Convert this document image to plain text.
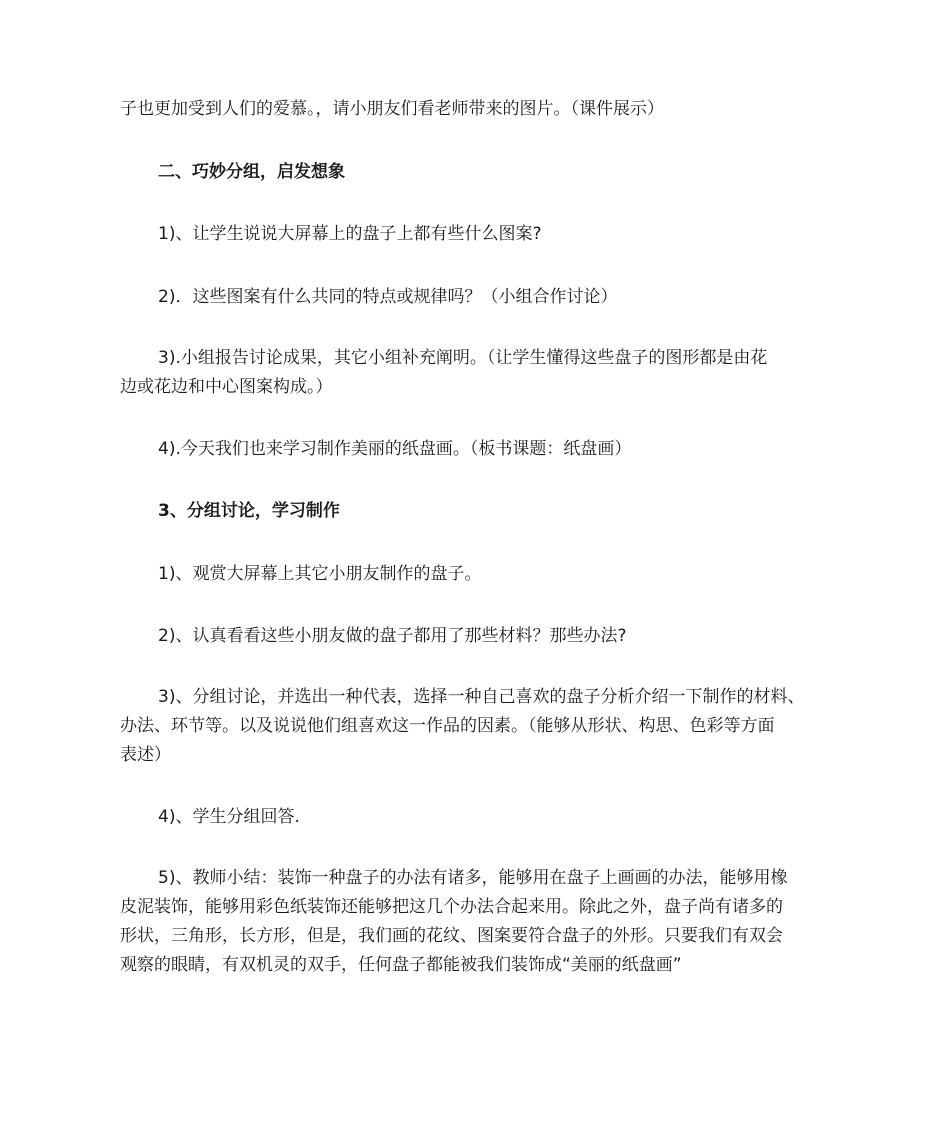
子也更加受到人们的爱慕。，请小朋友们看老师带来的图片。（课件展示）
二、巧妙分组，启发想象
1)、让学生说说大屏幕上的盘子上都有些什么图案?
2)．这些图案有什么共同的特点或规律吗？（小组合作讨论）
3).小组报告讨论成果，其它小组补充阐明。（让学生懂得这些盘子的图形都是由花
边或花边和中心图案构成。）
4).今天我们也来学习制作美丽的纸盘画。（板书课题：纸盘画）
3、分组讨论，学习制作
1)、观赏大屏幕上其它小朋友制作的盘子。
2)、认真看看这些小朋友做的盘子都用了那些材料？那些办法?
3)、分组讨论，并选出一种代表，选择一种自己喜欢的盘子分析介绍一下制作的材料、
办法、环节等。以及说说他们组喜欢这一作品的因素。（能够从形状、构思、色彩等方面
表述）
4)、学生分组回答.
5)、教师小结：装饰一种盘子的办法有诸多，能够用在盘子上画画的办法，能够用橡
皮泥装饰，能够用彩色纸装饰还能够把这几个办法合起来用。除此之外，盘子尚有诸多的
形状，三角形，长方形，但是，我们画的花纹、图案要符合盘子的外形。只要我们有双会
观察的眼睛，有双机灵的双手，任何盘子都能被我们装饰成“美丽的纸盘画”
